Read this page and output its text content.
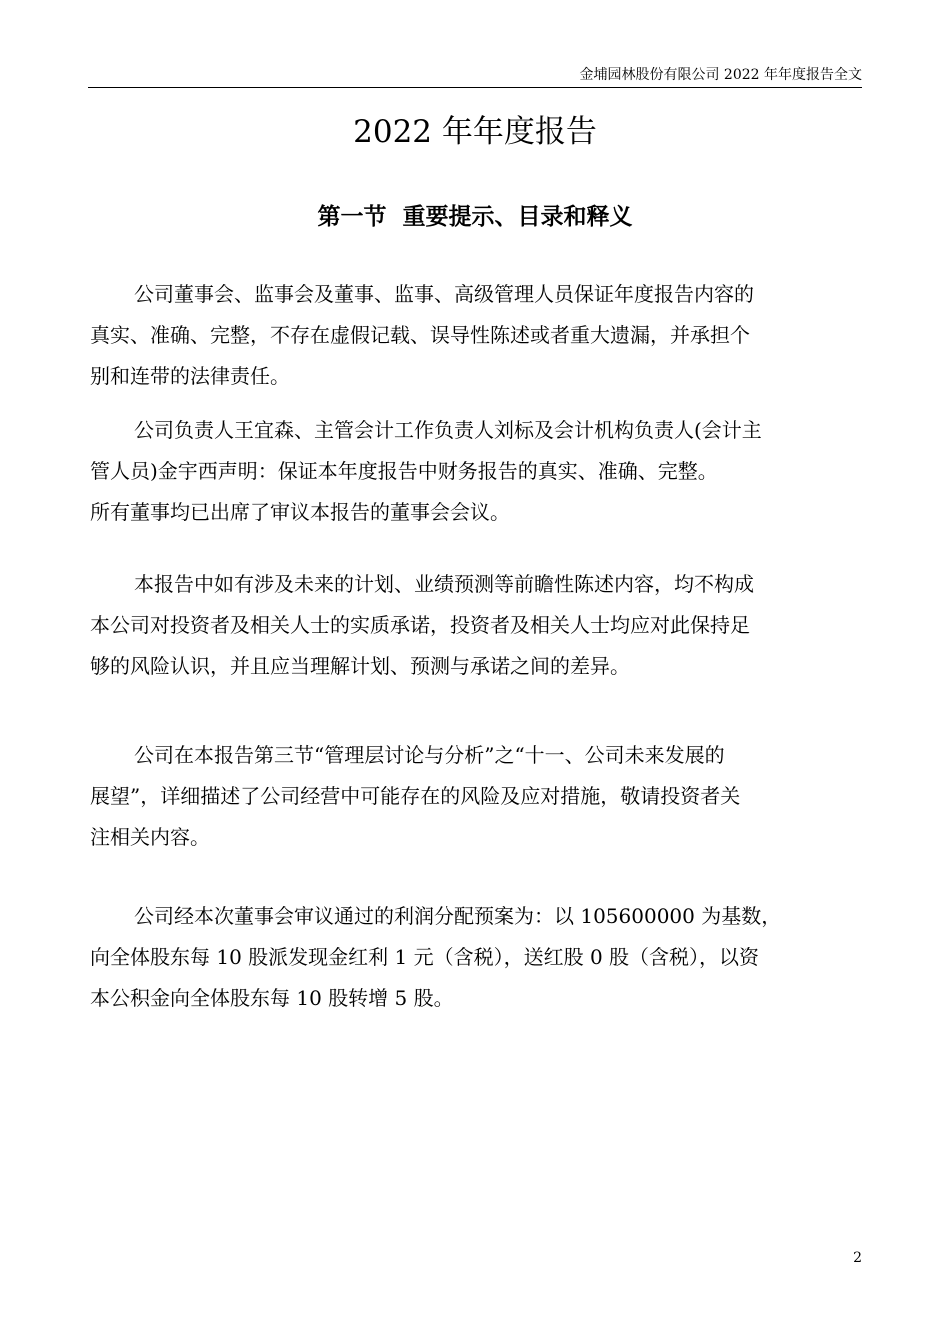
金埔园林股份有限公司 2022 年年度报告全文
2022 年年度报告
第一节  重要提示、目录和释义
公司董事会、监事会及董事、监事、高级管理人员保证年度报告内容的
真实、准确、完整，不存在虚假记载、误导性陈述或者重大遗漏，并承担个
别和连带的法律责任。
公司负责人王宜森、主管会计工作负责人刘标及会计机构负责人(会计主
管人员)金宇西声明：保证本年度报告中财务报告的真实、准确、完整。
所有董事均已出席了审议本报告的董事会会议。
本报告中如有涉及未来的计划、业绩预测等前瞻性陈述内容，均不构成
本公司对投资者及相关人士的实质承诺，投资者及相关人士均应对此保持足
够的风险认识，并且应当理解计划、预测与承诺之间的差异。
公司在本报告第三节“管理层讨论与分析”之“十一、公司未来发展的
展望”，详细描述了公司经营中可能存在的风险及应对措施，敬请投资者关
注相关内容。
公司经本次董事会审议通过的利润分配预案为：以 105600000 为基数，
向全体股东每 10 股派发现金红利 1 元（含税），送红股 0 股（含税），以资
本公积金向全体股东每 10 股转增 5 股。
2
